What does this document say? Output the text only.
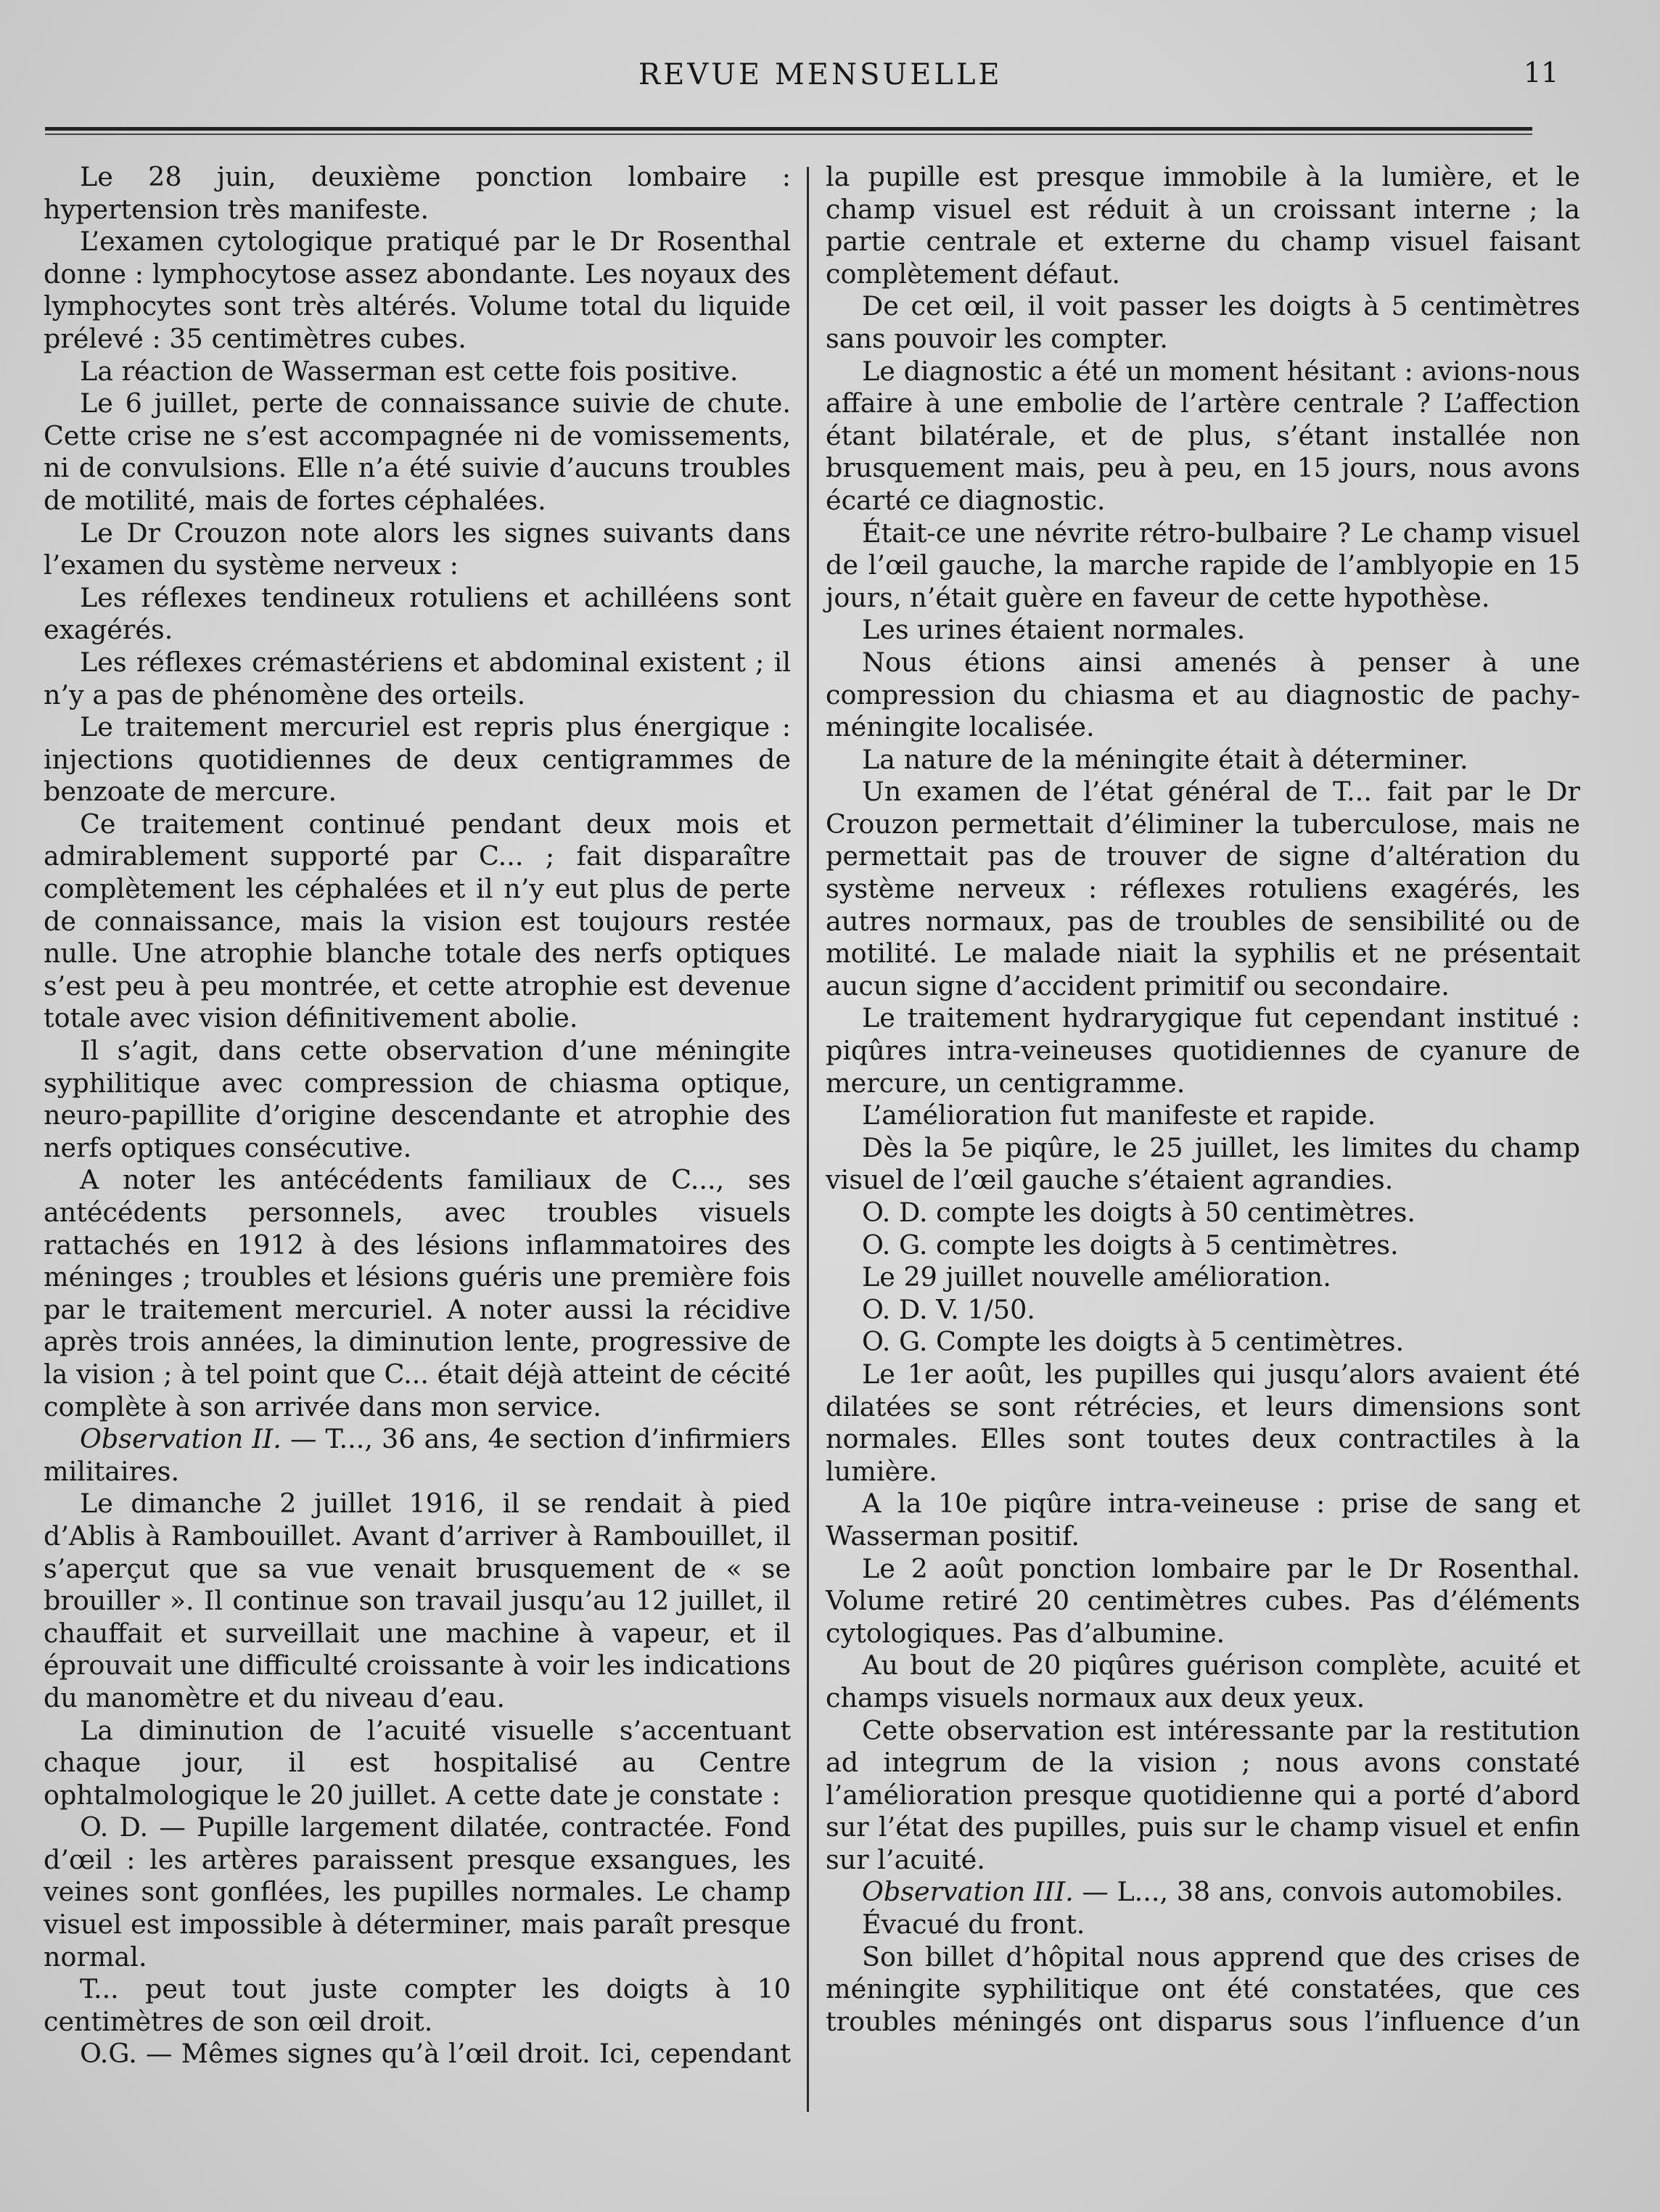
REVUE MENSUELLE	11

Le 28 juin, deuxième ponction lombaire : hypertension très manifeste.

L’examen cytologique pratiqué par le Dr Rosenthal donne : lymphocytose assez abondante. Les noyaux des lymphocytes sont très altérés. Volume total du liquide prélevé : 35 centimètres cubes.

La réaction de Wasserman est cette fois positive.

Le 6 juillet, perte de connaissance suivie de chute. Cette crise ne s’est accompagnée ni de vomissements, ni de convulsions. Elle n’a été suivie d’aucuns troubles de motilité, mais de fortes céphalées.

Le Dr Crouzon note alors les signes suivants dans l’examen du système nerveux :

Les réflexes tendineux rotuliens et achilléens sont exagérés.

Les réflexes crémastériens et abdominal existent ; il n’y a pas de phénomène des orteils.

Le traitement mercuriel est repris plus énergique : injections quotidiennes de deux centigrammes de benzoate de mercure.

Ce traitement continué pendant deux mois et admirablement supporté par C... ; fait disparaître complètement les céphalées et il n’y eut plus de perte de connaissance, mais la vision est toujours restée nulle. Une atrophie blanche totale des nerfs optiques s’est peu à peu montrée, et cette atrophie est devenue totale avec vision définitivement abolie.

Il s’agit, dans cette observation d’une méningite syphilitique avec compression de chiasma optique, neuro-papillite d’origine descendante et atrophie des nerfs optiques consécutive.

A noter les antécédents familiaux de C..., ses antécédents personnels, avec troubles visuels rattachés en 1912 à des lésions inflammatoires des méninges ; troubles et lésions guéris une première fois par le traitement mercuriel. A noter aussi la récidive après trois années, la diminution lente, progressive de la vision ; à tel point que C... était déjà atteint de cécité complète à son arrivée dans mon service.

Observation II. — T..., 36 ans, 4e section d’infirmiers militaires.

Le dimanche 2 juillet 1916, il se rendait à pied d’Ablis à Rambouillet. Avant d’arriver à Rambouillet, il s’aperçut que sa vue venait brusquement de « se brouiller ». Il continue son travail jusqu’au 12 juillet, il chauffait et surveillait une machine à vapeur, et il éprouvait une difficulté croissante à voir les indications du manomètre et du niveau d’eau.

La diminution de l’acuité visuelle s’accentuant chaque jour, il est hospitalisé au Centre ophtalmologique le 20 juillet. A cette date je constate :

O. D. — Pupille largement dilatée, contractée. Fond d’œil : les artères paraissent presque exsangues, les veines sont gonflées, les pupilles normales. Le champ visuel est impossible à déterminer, mais paraît presque normal.

T... peut tout juste compter les doigts à 10 centimètres de son œil droit.

O.G. — Mêmes signes qu’à l’œil droit. Ici, cependant

la pupille est presque immobile à la lumière, et le champ visuel est réduit à un croissant interne ; la partie centrale et externe du champ visuel faisant complètement défaut.

De cet œil, il voit passer les doigts à 5 centimètres sans pouvoir les compter.

Le diagnostic a été un moment hésitant : avions-nous affaire à une embolie de l’artère centrale ? L’affection étant bilatérale, et de plus, s’étant installée non brusquement mais, peu à peu, en 15 jours, nous avons écarté ce diagnostic.

Était-ce une névrite rétro-bulbaire ? Le champ visuel de l’œil gauche, la marche rapide de l’amblyopie en 15 jours, n’était guère en faveur de cette hypothèse.

Les urines étaient normales.

Nous étions ainsi amenés à penser à une compression du chiasma et au diagnostic de pachy-méningite localisée.

La nature de la méningite était à déterminer.

Un examen de l’état général de T... fait par le Dr Crouzon permettait d’éliminer la tuberculose, mais ne permettait pas de trouver de signe d’altération du système nerveux : réflexes rotuliens exagérés, les autres normaux, pas de troubles de sensibilité ou de motilité. Le malade niait la syphilis et ne présentait aucun signe d’accident primitif ou secondaire.

Le traitement hydrarygique fut cependant institué : piqûres intra-veineuses quotidiennes de cyanure de mercure, un centigramme.

L’amélioration fut manifeste et rapide.

Dès la 5e piqûre, le 25 juillet, les limites du champ visuel de l’œil gauche s’étaient agrandies.

O. D. compte les doigts à 50 centimètres.

O. G. compte les doigts à 5 centimètres.

Le 29 juillet nouvelle amélioration.

O. D. V. 1/50.

O. G. Compte les doigts à 5 centimètres.

Le 1er août, les pupilles qui jusqu’alors avaient été dilatées se sont rétrécies, et leurs dimensions sont normales. Elles sont toutes deux contractiles à la lumière.

A la 10e piqûre intra-veineuse : prise de sang et Wasserman positif.

Le 2 août ponction lombaire par le Dr Rosenthal. Volume retiré 20 centimètres cubes. Pas d’éléments cytologiques. Pas d’albumine.

Au bout de 20 piqûres guérison complète, acuité et champs visuels normaux aux deux yeux.

Cette observation est intéressante par la restitution ad integrum de la vision ; nous avons constaté l’amélioration presque quotidienne qui a porté d’abord sur l’état des pupilles, puis sur le champ visuel et enfin sur l’acuité.

Observation III. — L..., 38 ans, convois automobiles.

Évacué du front.

Son billet d’hôpital nous apprend que des crises de méningite syphilitique ont été constatées, que ces troubles méningés ont disparus sous l’influence d’un
